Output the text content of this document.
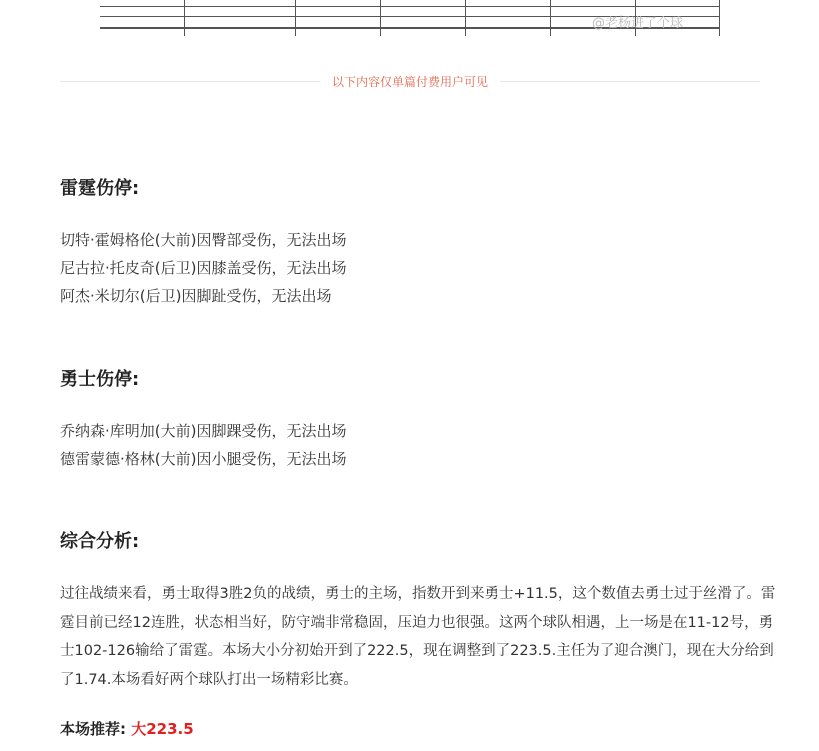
@老杨进了个球
以下内容仅单篇付费用户可见
雷霆伤停:
切特·霍姆格伦(大前)因臀部受伤，无法出场
尼古拉·托皮奇(后卫)因膝盖受伤，无法出场
阿杰·米切尔(后卫)因脚趾受伤，无法出场
勇士伤停:
乔纳森·库明加(大前)因脚踝受伤，无法出场
德雷蒙德·格林(大前)因小腿受伤，无法出场
综合分析:
过往战绩来看，勇士取得3胜2负的战绩，勇士的主场，指数开到来勇士+11.5，这个数值去勇士过于丝滑了。雷霆目前已经12连胜，状态相当好，防守端非常稳固，压迫力也很强。这两个球队相遇，上一场是在11-12号，勇士102-126输给了雷霆。本场大小分初始开到了222.5，现在调整到了223.5.主任为了迎合澳门，现在大分给到了1.74.本场看好两个球队打出一场精彩比赛。
本场推荐: 大223.5
